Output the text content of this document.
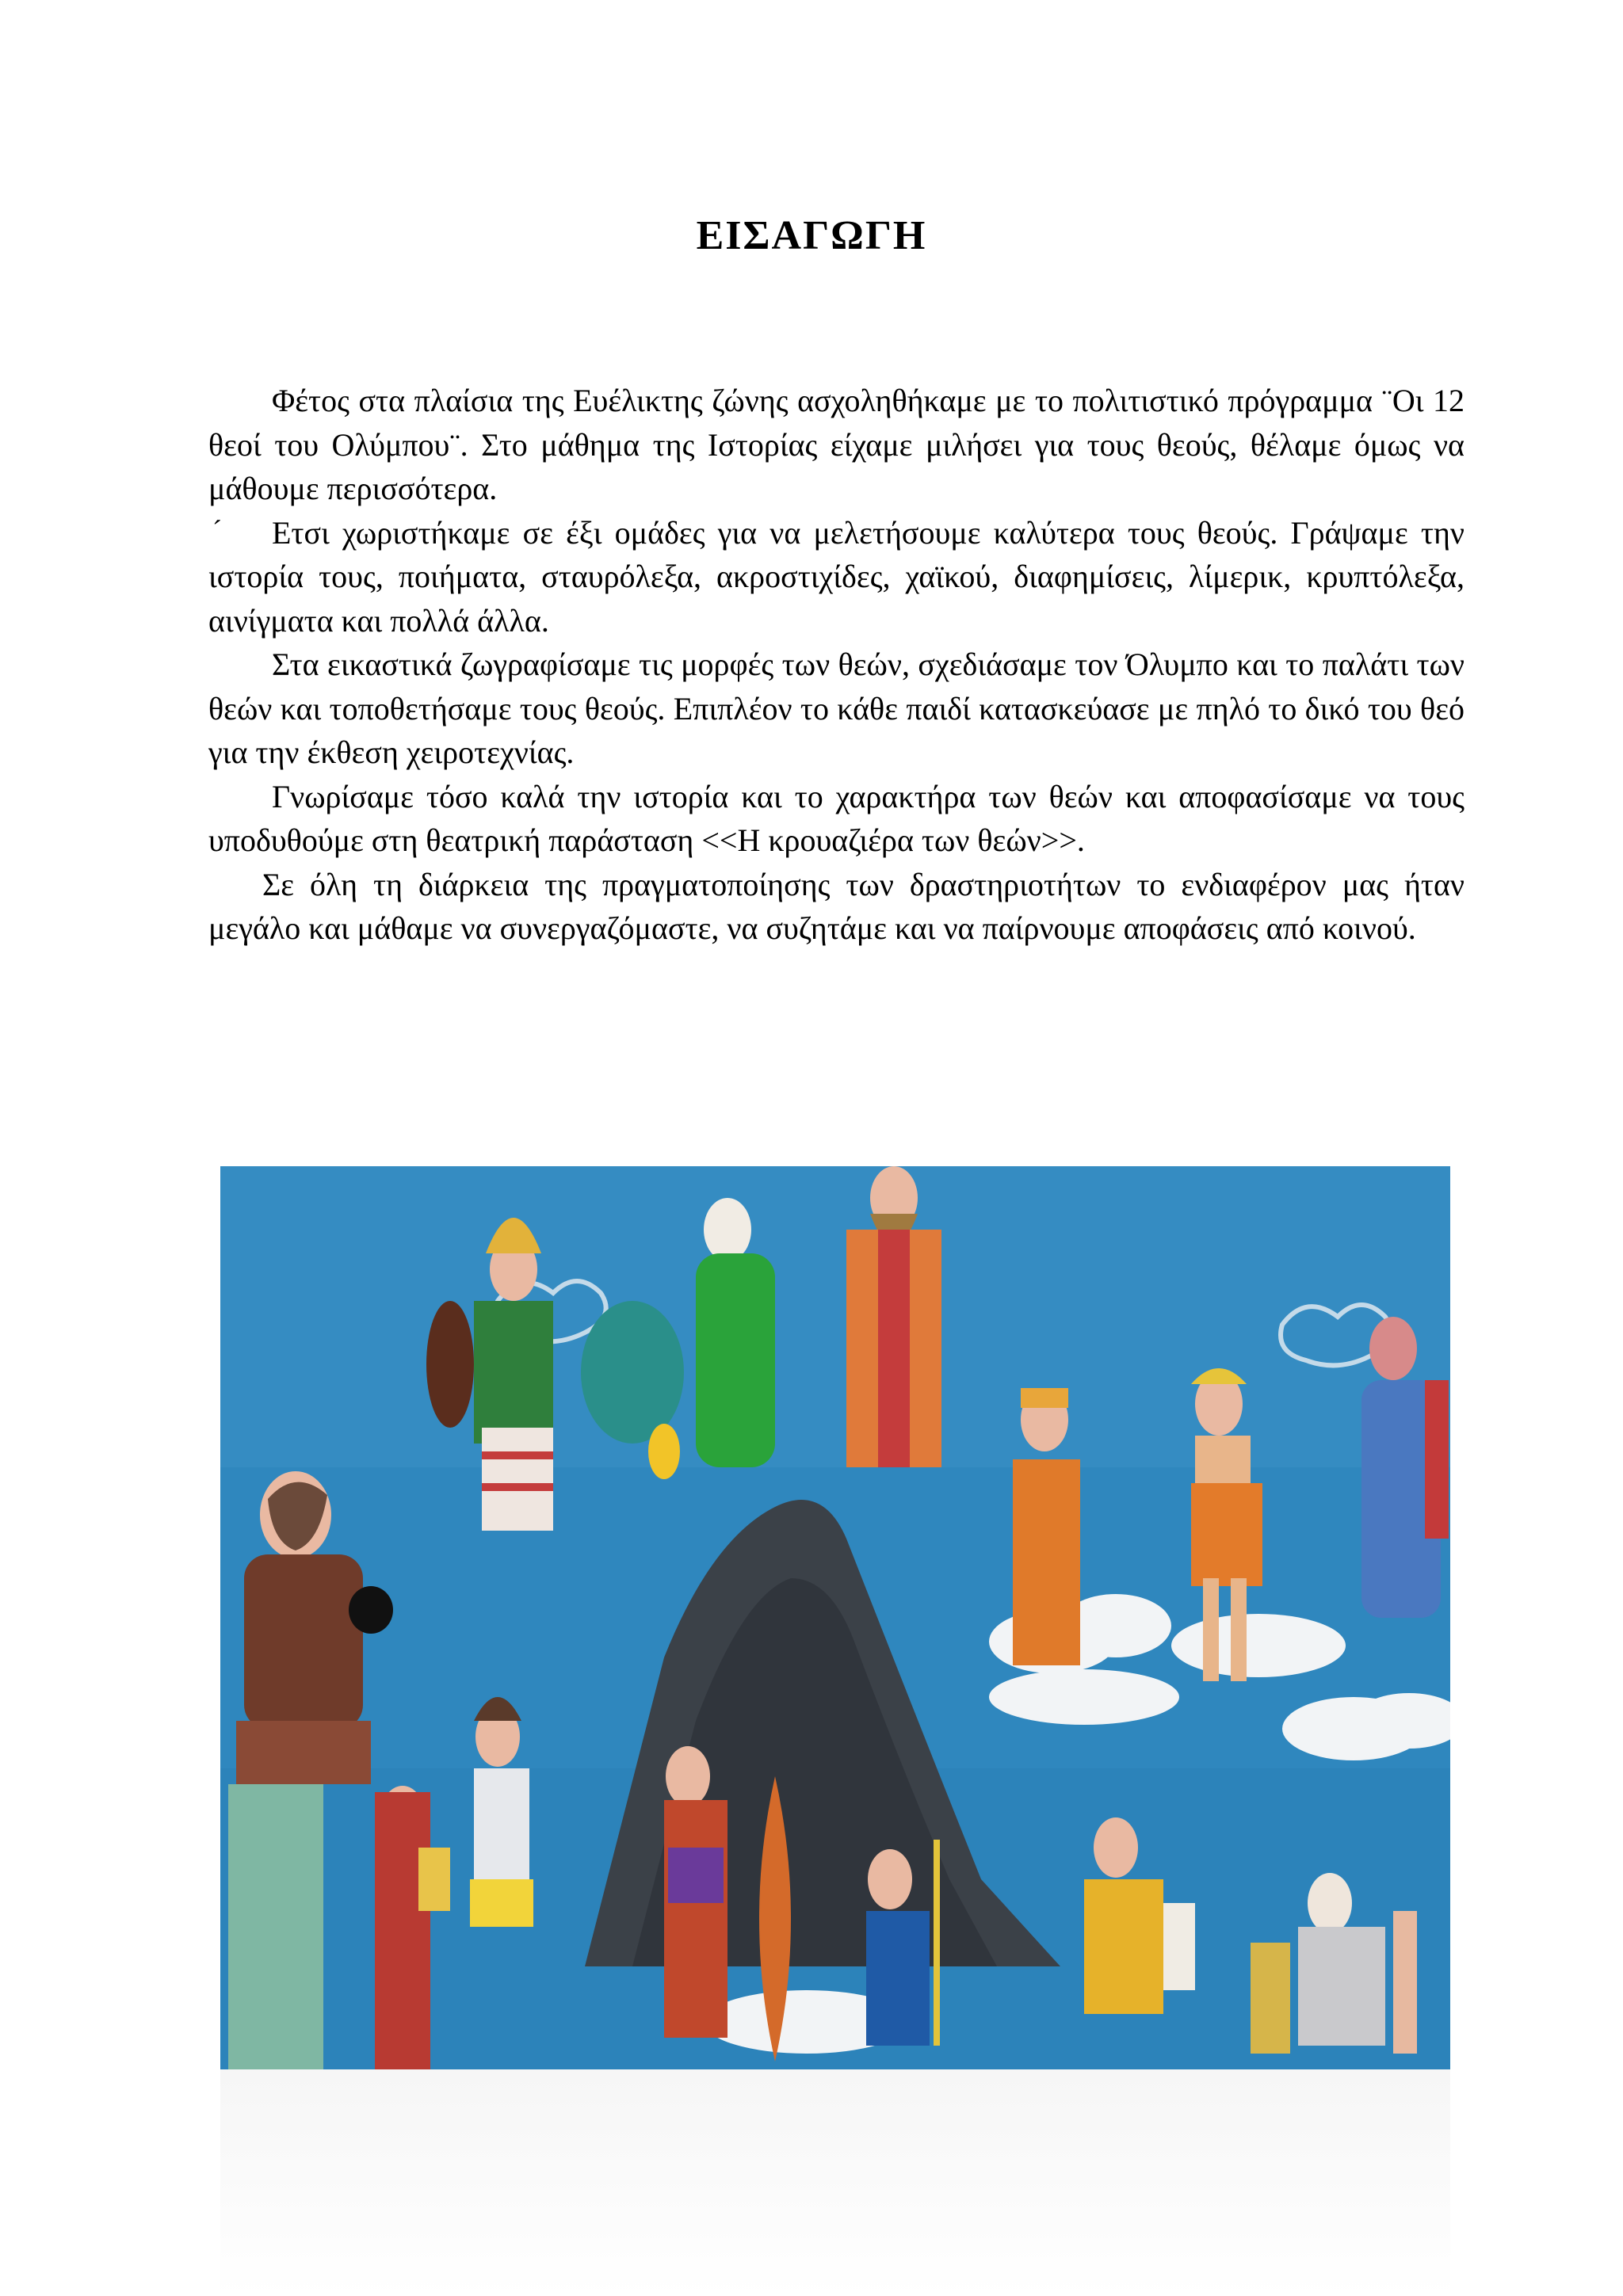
ΕΙΣΑΓΩΓΗ
´

Φέτος στα πλαίσια της Ευέλικτης ζώνης ασχοληθήκαμε με το πολιτιστικό πρόγραμμα ¨Οι 12 θεοί του Ολύμπου¨. Στο μάθημα της Ιστορίας είχαμε μιλήσει για τους θεούς, θέλαμε όμως να μάθουμε περισσότερα.

Ετσι χωριστήκαμε σε έξι ομάδες για να μελετήσουμε καλύτερα τους θεούς. Γράψαμε την ιστορία τους, ποιήματα, σταυρόλεξα, ακροστιχίδες, χαϊκού, διαφημίσεις, λίμερικ, κρυπτόλεξα, αινίγματα και πολλά άλλα.

Στα εικαστικά ζωγραφίσαμε τις μορφές των θεών, σχεδιάσαμε τον Όλυμπο και το παλάτι των θεών και τοποθετήσαμε τους θεούς. Επιπλέον το κάθε παιδί κατασκεύασε με πηλό το δικό του θεό για την έκθεση χειροτεχνίας.

Γνωρίσαμε τόσο καλά την ιστορία και το χαρακτήρα των θεών και αποφασίσαμε να τους υποδυθούμε στη θεατρική παράσταση <<Η κρουαζιέρα των θεών>>.

Σε όλη τη διάρκεια της πραγματοποίησης των δραστηριοτήτων το ενδιαφέρον μας ήταν μεγάλο και μάθαμε να συνεργαζόμαστε, να συζητάμε και να παίρνουμε αποφάσεις από κοινού.
